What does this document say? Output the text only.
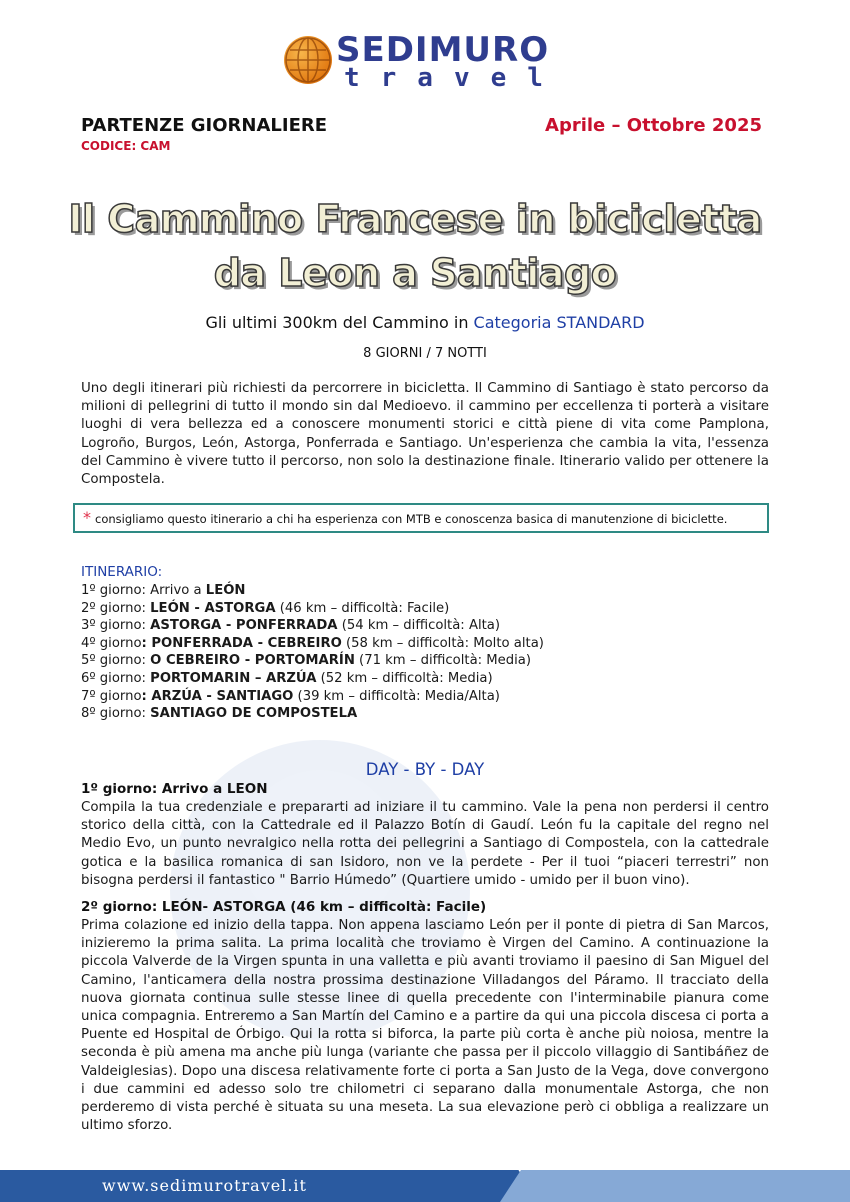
SEDIMURO
travel
PARTENZE GIORNALIERE	Aprile – Ottobre 2025
CODICE: CAM
Il Cammino Francese in bicicletta
da Leon a Santiago
Gli ultimi 300km del Cammino in Categoria STANDARD
8 GIORNI / 7 NOTTI
Uno degli itinerari più richiesti da percorrere in bicicletta. Il Cammino di Santiago è stato percorso da milioni di pellegrini di tutto il mondo sin dal Medioevo. il cammino per eccellenza ti porterà a visitare luoghi di vera bellezza ed a conoscere monumenti storici e città piene di vita come Pamplona, Logroño, Burgos, León, Astorga, Ponferrada e Santiago. Un'esperienza che cambia la vita, l'essenza del Cammino è vivere tutto il percorso, non solo la destinazione finale. Itinerario valido per ottenere la Compostela.
* consigliamo questo itinerario a chi ha esperienza con MTB e conoscenza basica di manutenzione di biciclette.
ITINERARIO:
1º giorno: Arrivo a LEÓN
2º giorno: LEÓN - ASTORGA (46 km – difficoltà: Facile)
3º giorno: ASTORGA - PONFERRADA (54 km – difficoltà: Alta)
4º giorno: PONFERRADA - CEBREIRO (58 km – difficoltà: Molto alta)
5º giorno: O CEBREIRO - PORTOMARÍN (71 km – difficoltà: Media)
6º giorno: PORTOMARIN – ARZÚA (52 km – difficoltà: Media)
7º giorno: ARZÚA - SANTIAGO (39 km – difficoltà: Media/Alta)
8º giorno: SANTIAGO DE COMPOSTELA
DAY - BY - DAY
1º giorno: Arrivo a LEON
Compila la tua credenziale e prepararti ad iniziare il tu cammino. Vale la pena non perdersi il centro storico della città, con la Cattedrale ed il Palazzo Botín di Gaudí. León fu la capitale del regno nel Medio Evo, un punto nevralgico nella rotta dei pellegrini a Santiago di Compostela, con la cattedrale gotica e la basilica romanica di san Isidoro, non ve la perdete - Per il tuoi “piaceri terrestri” non bisogna perdersi il fantastico " Barrio Húmedo” (Quartiere umido - umido per il buon vino).
2º giorno: LEÓN- ASTORGA (46 km – difficoltà: Facile)
Prima colazione ed inizio della tappa. Non appena lasciamo León per il ponte di pietra di San Marcos, inizieremo la prima salita. La prima località che troviamo è Virgen del Camino. A continuazione la piccola Valverde de la Virgen spunta in una valletta e più avanti troviamo il paesino di San Miguel del Camino, l'anticamera della nostra prossima destinazione Villadangos del Páramo. Il tracciato della nuova giornata continua sulle stesse linee di quella precedente con l'interminabile pianura come unica compagnia. Entreremo a San Martín del Camino e a partire da qui una piccola discesa ci porta a Puente ed Hospital de Órbigo. Qui la rotta si biforca, la parte più corta è anche più noiosa, mentre la seconda è più amena ma anche più lunga (variante che passa per il piccolo villaggio di Santibáñez de Valdeiglesias). Dopo una discesa relativamente forte ci porta a San Justo de la Vega, dove convergono i due cammini ed adesso solo tre chilometri ci separano dalla monumentale Astorga, che non perderemo di vista perché è situata su una meseta. La sua elevazione però ci obbliga a realizzare un ultimo sforzo.
www.sedimurotravel.it
